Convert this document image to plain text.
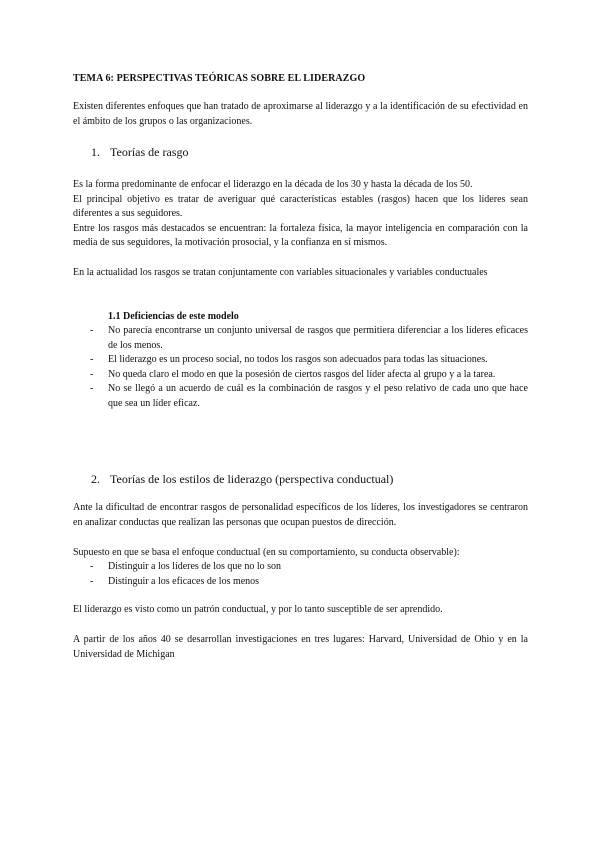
TEMA 6: PERSPECTIVAS TEÓRICAS SOBRE EL LIDERAZGO
Existen diferentes enfoques que han tratado de aproximarse al liderazgo y a la identificación de su efectividad en el ámbito de los grupos o las organizaciones.
1. Teorías de rasgo
Es la forma predominante de enfocar el liderazgo en la década de los 30 y hasta la década de los 50.
El principal objetivo es tratar de averiguar qué características estables (rasgos) hacen que los líderes sean diferentes a sus seguidores.
Entre los rasgos más destacados se encuentran: la fortaleza física, la mayor inteligencia en comparación con la media de sus seguidores, la motivación prosocial, y la confianza en sí mismos.
En la actualidad los rasgos se tratan conjuntamente con variables situacionales y variables conductuales
1.1 Deficiencias de este modelo
- No parecía encontrarse un conjunto universal de rasgos que permitiera diferenciar a los líderes eficaces de los menos.
- El liderazgo es un proceso social, no todos los rasgos son adecuados para todas las situaciones.
- No queda claro el modo en que la posesión de ciertos rasgos del líder afecta al grupo y a la tarea.
- No se llegó a un acuerdo de cuál es la combinación de rasgos y el peso relativo de cada uno que hace que sea un líder eficaz.
2. Teorías de los estilos de liderazgo (perspectiva conductual)
Ante la dificultad de encontrar rasgos de personalidad específicos de los líderes, los investigadores se centraron en analizar conductas que realizan las personas que ocupan puestos de dirección.
Supuesto en que se basa el enfoque conductual (en su comportamiento, su conducta observable):
- Distinguir a los líderes de los que no lo son
- Distinguir a los eficaces de los menos
El liderazgo es visto como un patrón conductual, y por lo tanto susceptible de ser aprendido.
A partir de los años 40 se desarrollan investigaciones en tres lugares: Harvard, Universidad de Ohio y en la Universidad de Michigan
